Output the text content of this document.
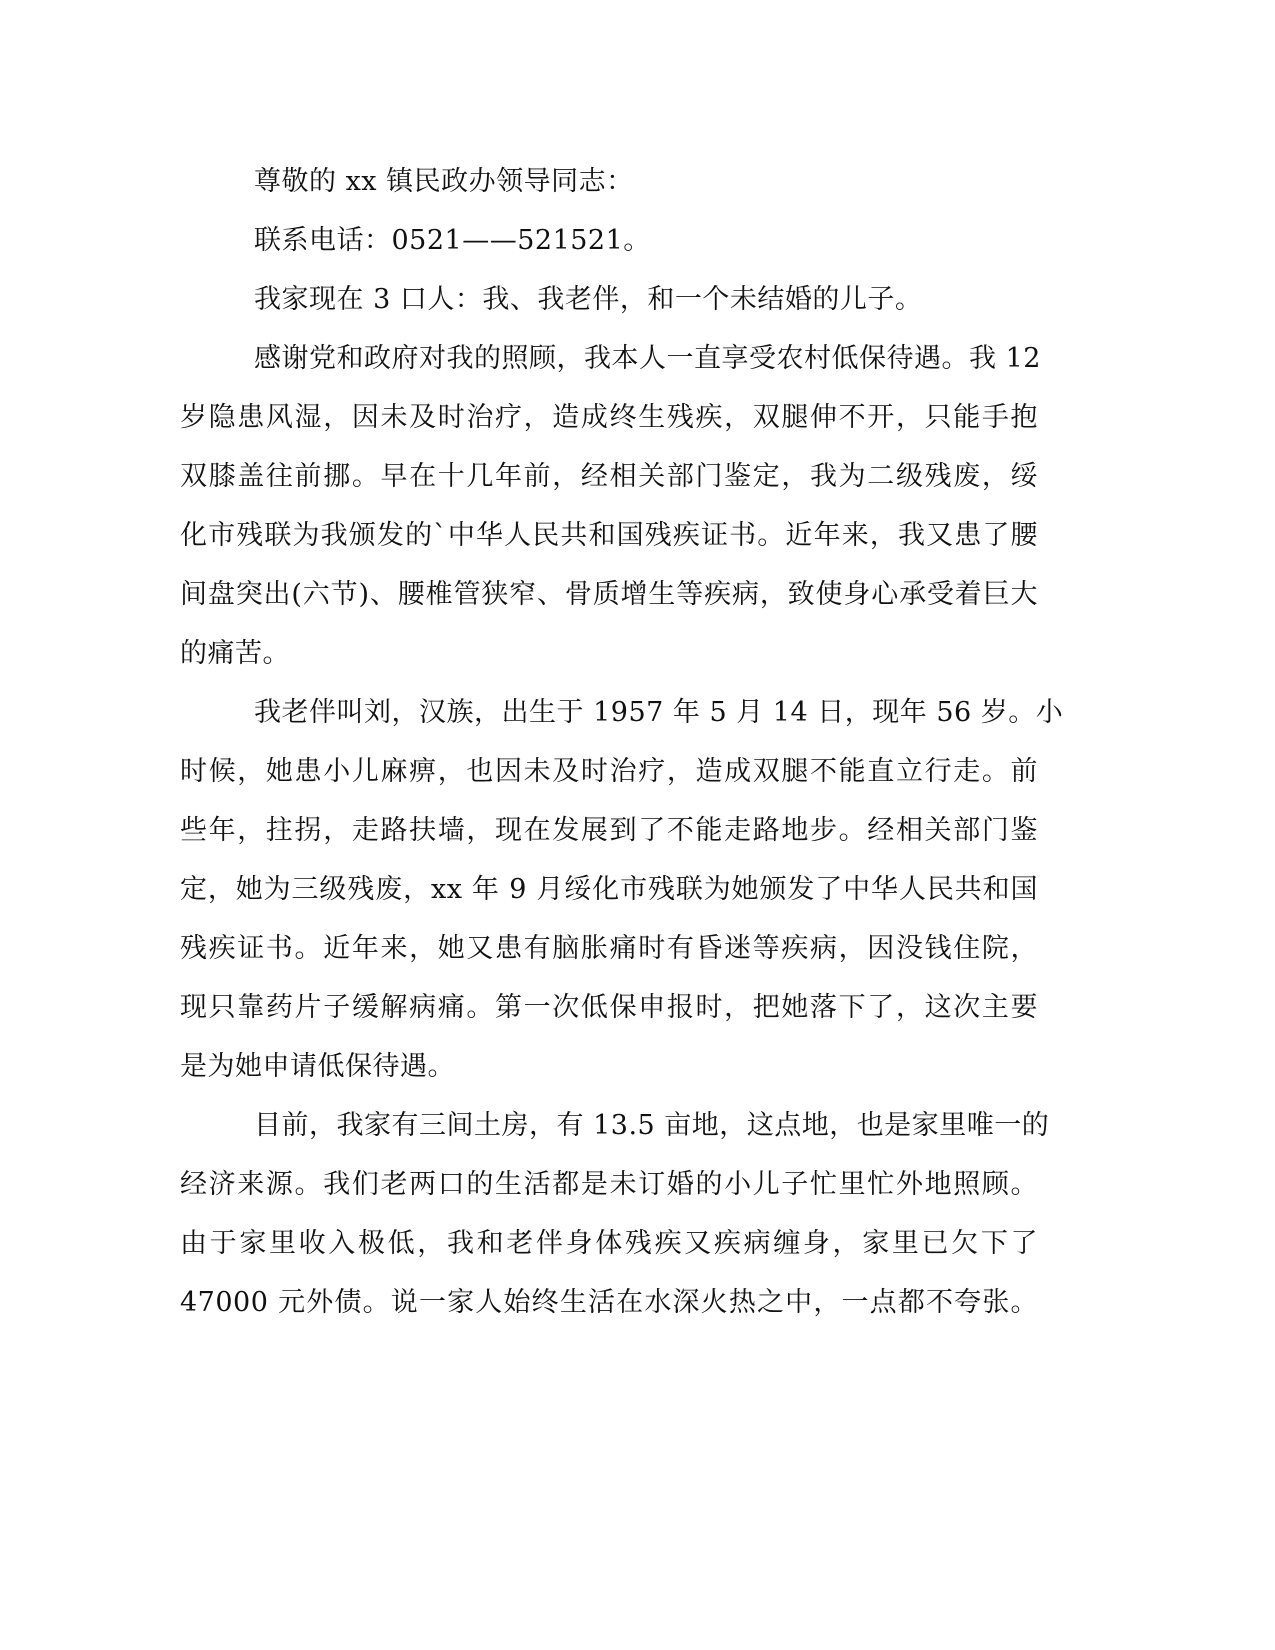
尊敬的 xx 镇民政办领导同志：
联系电话：0521——521521。
我家现在 3 口人：我、我老伴，和一个未结婚的儿子。
感谢党和政府对我的照顾，我本人一直享受农村低保待遇。我 12
岁隐患风湿，因未及时治疗，造成终生残疾，双腿伸不开，只能手抱
双膝盖往前挪。早在十几年前，经相关部门鉴定，我为二级残废，绥
化市残联为我颁发的`中华人民共和国残疾证书。近年来，我又患了腰
间盘突出(六节)、腰椎管狭窄、骨质增生等疾病，致使身心承受着巨大
的痛苦。
我老伴叫刘，汉族，出生于 1957 年 5 月 14 日，现年 56 岁。小
时候，她患小儿麻痹，也因未及时治疗，造成双腿不能直立行走。前
些年，拄拐，走路扶墙，现在发展到了不能走路地步。经相关部门鉴
定，她为三级残废，xx 年 9 月绥化市残联为她颁发了中华人民共和国
残疾证书。近年来，她又患有脑胀痛时有昏迷等疾病，因没钱住院，
现只靠药片子缓解病痛。第一次低保申报时，把她落下了，这次主要
是为她申请低保待遇。
目前，我家有三间土房，有 13.5 亩地，这点地，也是家里唯一的
经济来源。我们老两口的生活都是未订婚的小儿子忙里忙外地照顾。
由于家里收入极低，我和老伴身体残疾又疾病缠身，家里已欠下了
47000 元外债。说一家人始终生活在水深火热之中，一点都不夸张。
